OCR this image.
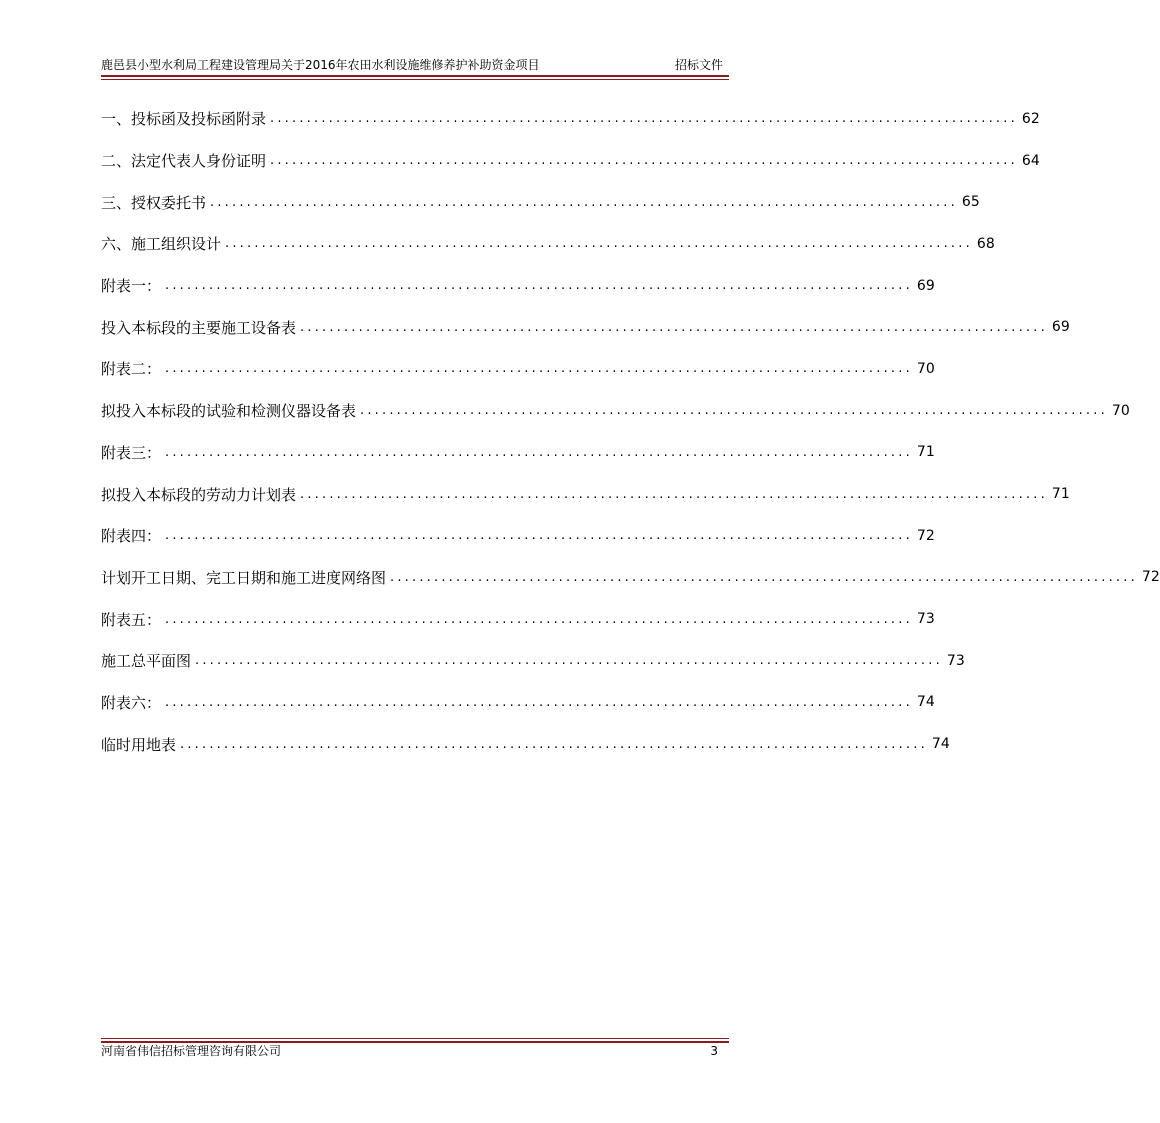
鹿邑县小型水利局工程建设管理局关于2016年农田水利设施维修养护补助资金项目	招标文件
一、投标函及投标函附录 ...................................................................................................... 62
二、法定代表人身份证明 ...................................................................................................... 64
三、授权委托书 ...................................................................................................... 65
六、施工组织设计 ...................................................................................................... 68
附表一： ...................................................................................................... 69
投入本标段的主要施工设备表 ...................................................................................................... 69
附表二： ...................................................................................................... 70
拟投入本标段的试验和检测仪器设备表 ...................................................................................................... 70
附表三： ...................................................................................................... 71
拟投入本标段的劳动力计划表 ...................................................................................................... 71
附表四： ...................................................................................................... 72
计划开工日期、完工日期和施工进度网络图 ...................................................................................................... 72
附表五： ...................................................................................................... 73
施工总平面图 ...................................................................................................... 73
附表六： ...................................................................................................... 74
临时用地表 ...................................................................................................... 74
河南省伟信招标管理咨询有限公司	3
